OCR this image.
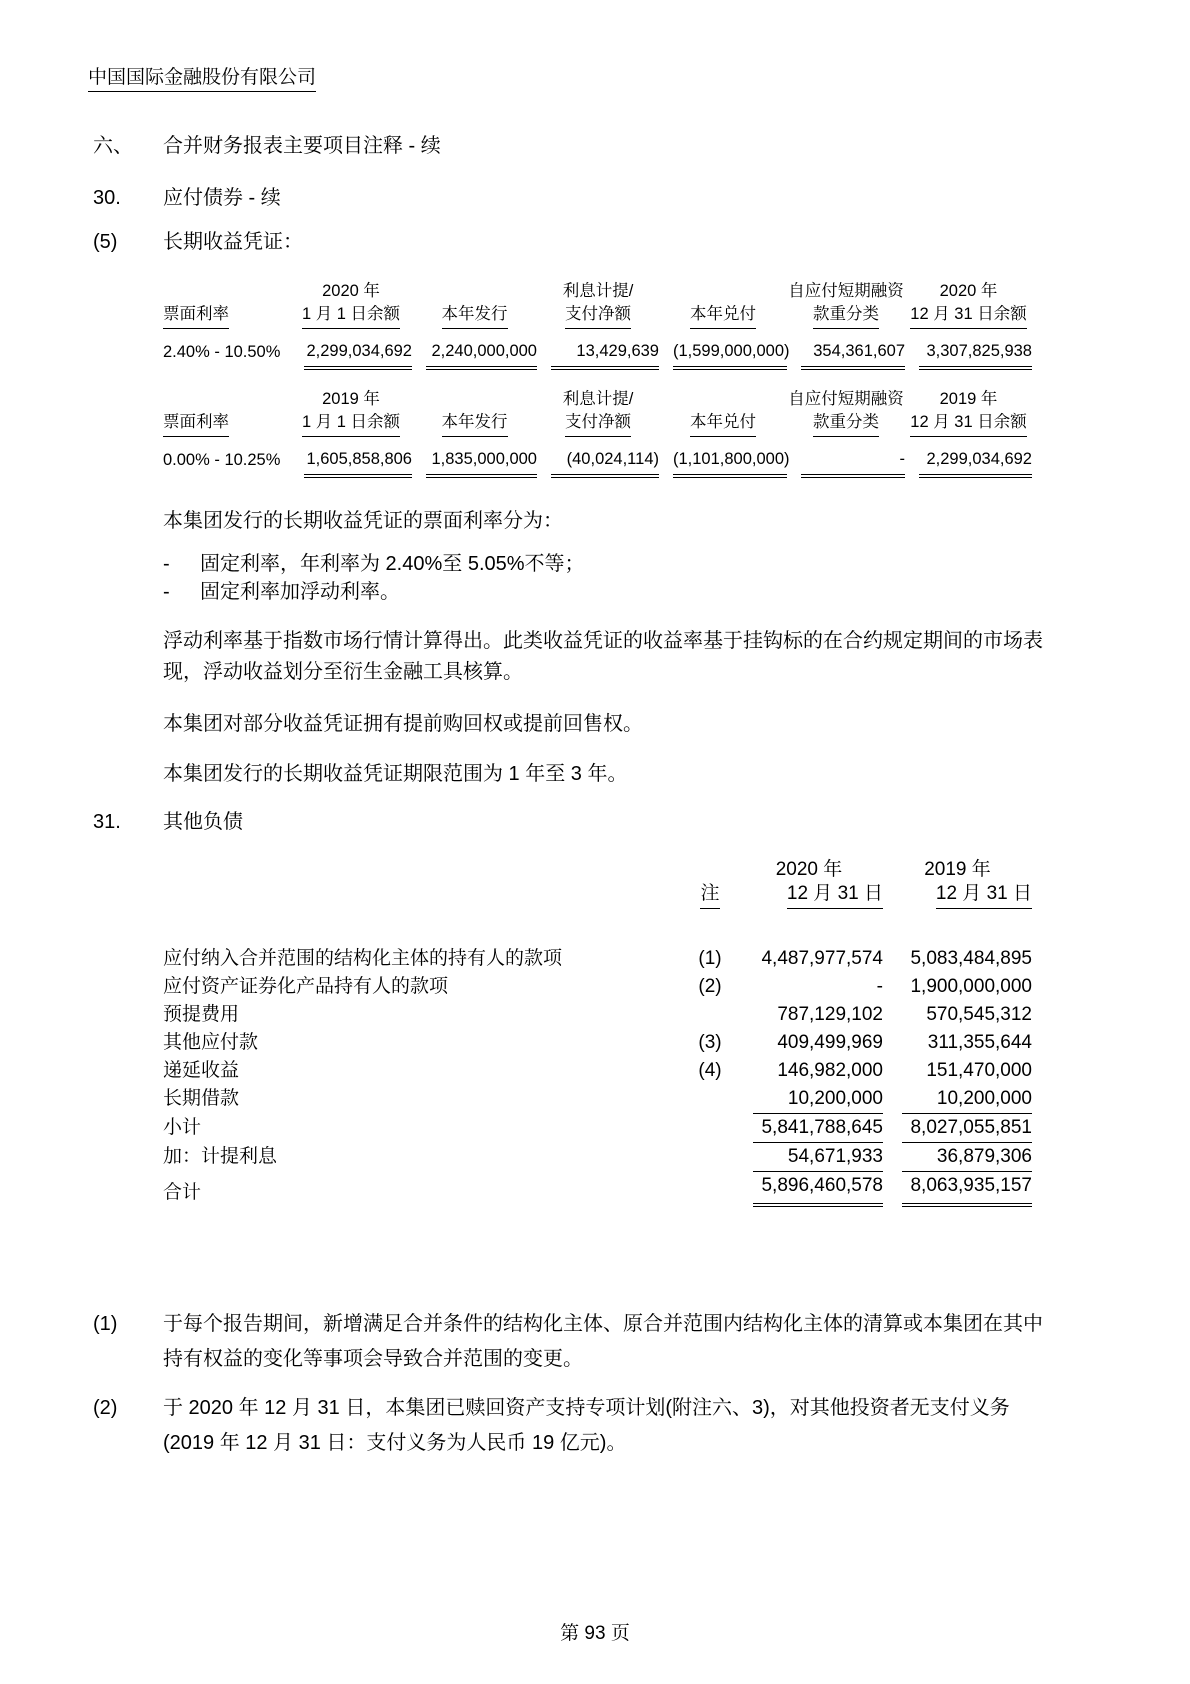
中国国际金融股份有限公司
六、	合并财务报表主要项目注释 - 续
30.	应付债券 - 续
(5)	长期收益凭证：
	2020 年		利息计提/		自应付短期融资	2020 年
票面利率	1 月 1 日余额	本年发行	支付净额	本年兑付	款重分类	12 月 31 日余额
2.40% - 10.50%	2,299,034,692	2,240,000,000	13,429,639	(1,599,000,000)	354,361,607	3,307,825,938
	2019 年		利息计提/		自应付短期融资	2019 年
票面利率	1 月 1 日余额	本年发行	支付净额	本年兑付	款重分类	12 月 31 日余额
0.00% - 10.25%	1,605,858,806	1,835,000,000	(40,024,114)	(1,101,800,000)	-	2,299,034,692
本集团发行的长期收益凭证的票面利率分为：
-	固定利率，年利率为 2.40%至 5.05%不等；
-	固定利率加浮动利率。
浮动利率基于指数市场行情计算得出。此类收益凭证的收益率基于挂钩标的在合约规定期间的市场表现，浮动收益划分至衍生金融工具核算。
本集团对部分收益凭证拥有提前购回权或提前回售权。
本集团发行的长期收益凭证期限范围为 1 年至 3 年。
31.	其他负债
		2020 年	2019 年
	注	12 月 31 日	12 月 31 日
应付纳入合并范围的结构化主体的持有人的款项	(1)	4,487,977,574	5,083,484,895

应付资产证券化产品持有人的款项	(2)	-	1,900,000,000

预提费用		787,129,102	570,545,312

其他应付款	(3)	409,499,969	311,355,644

递延收益	(4)	146,982,000	151,470,000

长期借款		10,200,000	10,200,000

小计		5,841,788,645	8,027,055,851

加：计提利息		54,671,933	36,879,306

合计		5,896,460,578	8,063,935,157
(1)	于每个报告期间，新增满足合并条件的结构化主体、原合并范围内结构化主体的清算或本集团在其中持有权益的变化等事项会导致合并范围的变更。
(2)	于 2020 年 12 月 31 日，本集团已赎回资产支持专项计划(附注六、3)，对其他投资者无支付义务(2019 年 12 月 31 日：支付义务为人民币 19 亿元)。
第 93 页
